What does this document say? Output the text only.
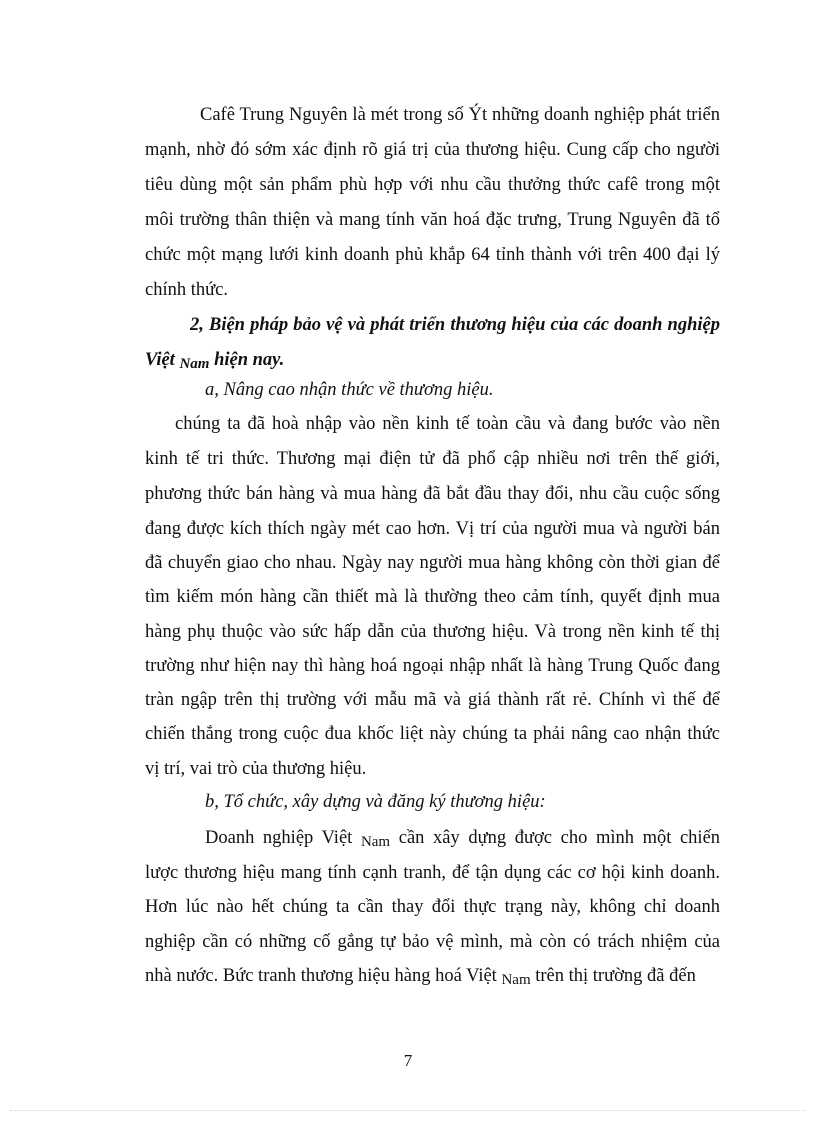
Cafê Trung Nguyên là mét trong số Ýt những doanh nghiệp phát triển
mạnh, nhờ đó sớm xác định rõ giá trị của thương hiệu. Cung cấp cho người
tiêu dùng một sản phẩm phù hợp với nhu cầu thưởng thức cafê trong một
môi trường thân thiện và mang tính văn hoá đặc trưng, Trung Nguyên đã tổ
chức một mạng lưới kinh doanh phủ khắp 64 tỉnh thành với trên 400 đại lý
chính thức.
2, Biện pháp bảo vệ và phát triển thương hiệu của các doanh nghiệp
Việt $_{Nam}$ hiện nay.
a, Nâng cao nhận thức về thương hiệu.
chúng ta đã hoà nhập vào nền kinh tế toàn cầu và đang bước vào nền
kinh tế tri thức. Thương mại điện tử đã phổ cập nhiều nơi trên thế giới,
phương thức bán hàng và mua hàng đã bắt đầu thay đổi, nhu cầu cuộc sống
đang được kích thích ngày mét cao hơn. Vị trí của người mua và người bán
đã chuyển giao cho nhau. Ngày nay người mua hàng không còn thời gian để
tìm kiếm món hàng cần thiết mà là thường theo cảm tính, quyết định mua
hàng phụ thuộc vào sức hấp dẫn của thương hiệu. Và trong nền kinh tế thị
trường như hiện nay thì hàng hoá ngoại nhập nhất là hàng Trung Quốc đang
tràn ngập trên thị trường với mẫu mã và giá thành rất rẻ. Chính vì thế để
chiến thắng trong cuộc đua khốc liệt này chúng ta phải nâng cao nhận thức
vị trí, vai trò của thương hiệu.
b, Tổ chức, xây dựng và đăng ký thương hiệu:
Doanh nghiệp Việt $_{Nam}$ cần xây dựng được cho mình một chiến
lược thương hiệu mang tính cạnh tranh, để tận dụng các cơ hội kinh doanh.
Hơn lúc nào hết chúng ta cần thay đổi thực trạng này, không chỉ doanh
nghiệp cần có những cố gắng tự bảo vệ mình, mà còn có trách nhiệm của
nhà nước. Bức tranh thương hiệu hàng hoá Việt $_{Nam}$ trên thị trường đã đến
7
